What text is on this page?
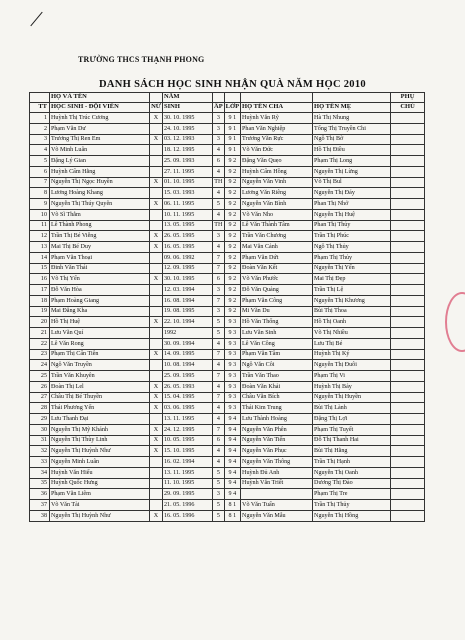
TRƯỜNG THCS THẠNH PHONG
DANH SÁCH HỌC SINH NHẬN QUÀ NĂM HỌC 2010
	HỌ VÀ TÊN		NĂM					PHỤ
TT	HỌC SINH - ĐỘI VIÊN	NỮ	SINH	ẤP	LỚP	HỌ TÊN CHA	HỌ TÊN MẸ	CHÚ
1	Huỳnh Thị Trúc Cương	X	30. 10. 1995	3	9 1	Huỳnh Văn Rỹ	Hà Thị Nhung	
2	Phạm Văn Dư		24. 10. 1995	3	9 1	Phan Văn Nghiệp	Tống Thị Truyền Chi	
3	Trương Thị Ren Em	X	03. 12. 1993	3	9 1	Trương Văn Rực	Ngô Thị Bờ	
4	Võ Minh Luân		18. 12. 1995	4	9 1	Võ Văn Đức	Hồ Thị Điều	
5	Đặng Lý Gian		25. 09. 1993	6	9 2	Đặng Văn Quẹo	Phạm Thị Long	
6	Huỳnh Cẩm Hằng		27. 11. 1995	4	9 2	Huỳnh Cẩm Hồng	Nguyễn Thị Lừng	
7	Nguyễn Thị Ngọc Huyền	X	01. 10. 1995	TH	9 2	Nguyễn Văn Vinh	Võ Thị Bul	
8	Lương Hoàng Khang		15. 03. 1993	4	9 2	Lương Văn Riêng	Nguyễn Thị Đáy	
9	Nguyễn Thị Thúy Quyên	X	06. 11. 1995	5	9 2	Nguyễn Văn Bình	Phan Thị Nhở	
10	Võ Sĩ Thắm		10. 11. 1995	4	9 2	Võ Văn Nho	Nguyễn Thị Huệ	
11	Lê Thành Phong		13. 05. 1995	TH	9 2	Lê Văn Thành Tâm	Phan Thị Thủy	
12	Trần Thị Bé Viễng	X	26. 05. 1995	3	9 2	Trần Văn Chương	Trần Thị Phúc	
13	Mai Thị Bé Duy	X	16. 05. 1995	4	9 2	Mai Văn Cảnh	Ngô Thị Thủy	
14	Phạm Văn Thoại		09. 06. 1992	7	9 2	Phạm Văn Dứt	Phạm Thị Thủy	
15	Đinh Văn Thái		12. 09. 1995	7	9 2	Đoàn Văn Kết	Nguyễn Thị Yến	
16	Võ Thị Yến	X	30. 10. 1995	6	9 2	Võ Văn Phước	Mai Thị Đẹp	
17	Đỗ Văn Hòa		12. 03. 1994	3	9 2	Đỗ Văn Quảng	Trần Thị Lệ	
18	Phạm Hoàng Giang		16. 08. 1994	7	9 2	Phạm Văn Công	Nguyễn Thị Khương	
19	Mai Đăng Kha		19. 08. 1995	3	9 2	Mi Văn Du	Bùi Thị Thoa	
20	Hồ Thị Huệ	X	22. 10. 1994	5	9 3	Hồ Văn Thống	Hồ Thị Oanh	
21	Lưu Văn Quí		1992	5	9 3	Lưu Văn Sinh	Võ Thị Nhiều	
22	Lê Văn Rong		30. 09. 1994	4	9 3	Lê Văn Công	Lưu Thị Bé	
23	Phạm Thị Cẩn Tiên	X	14. 09. 1995	7	9 3	Phạm Văn Tâm	Huỳnh Thị Ký	
24	Ngô Văn Truyền		10. 08. 1994	4	9 3	Ngô Văn Côi	Nguyễn Thị Đuôi	
25	Trần Văn Khuyên		25. 09. 1995	7	9 3	Trần Văn Thao	Phạm Thị Vi	
26	Đoàn Thị Lel	X	26. 05. 1993	4	9 3	Đoàn Văn Khải	Huỳnh Thị Bảy	
27	Châu Thị Bé Thuyền	X	15. 04. 1995	7	9 3	Châu Văn Bích	Nguyễn Thị Huyền	
28	Thái Phương Yến	X	03. 06. 1995	4	9 3	Thái Kim Trung	Bùi Thị Lành	
29	Lưu Thanh Đại		13. 11. 1995	4	9 4	Lưu Thành Hoàng	Đặng Thị Lợi	
30	Nguyễn Thị Mỹ Khánh	X	24. 12. 1995	7	9 4	Nguyễn Văn Phên	Phạm Thị Tuyết	
31	Nguyễn Thị Thùy Linh	X	10. 05. 1995	6	9 4	Nguyễn Văn Tiến	Đỗ Thị Thanh Hai	
32	Nguyễn Thị Huỳnh Như	X	15. 10. 1995	4	9 4	Nguyễn Văn Phục	Bùi Thị Hằng	
33	Nguyễn Minh Luân		16. 02. 1994	4	9 4	Nguyễn Văn Thông	Trần Thị Hạnh	
34	Huỳnh Văn Hiếu		13. 11. 1995	5	9 4	Huỳnh Đủ Anh	Nguyễn Thị Oanh	
35	Huỳnh Quốc Hưng		11. 10. 1995	5	9 4	Huỳnh Văn Triết	Dương Thị Đào	
36	Phạm Văn Liêm		29. 09. 1995	3	9 4		Phạm Thị Tre	
37	Võ Văn Tài		21. 05. 1996	5	8 1	Võ Văn Tuấn	Trần Thị Thủy	
38	Nguyễn Thị Huỳnh Như	X	16. 05. 1996	5	8 1	Nguyễn Văn Mẫu	Nguyễn Thị Hồng	
